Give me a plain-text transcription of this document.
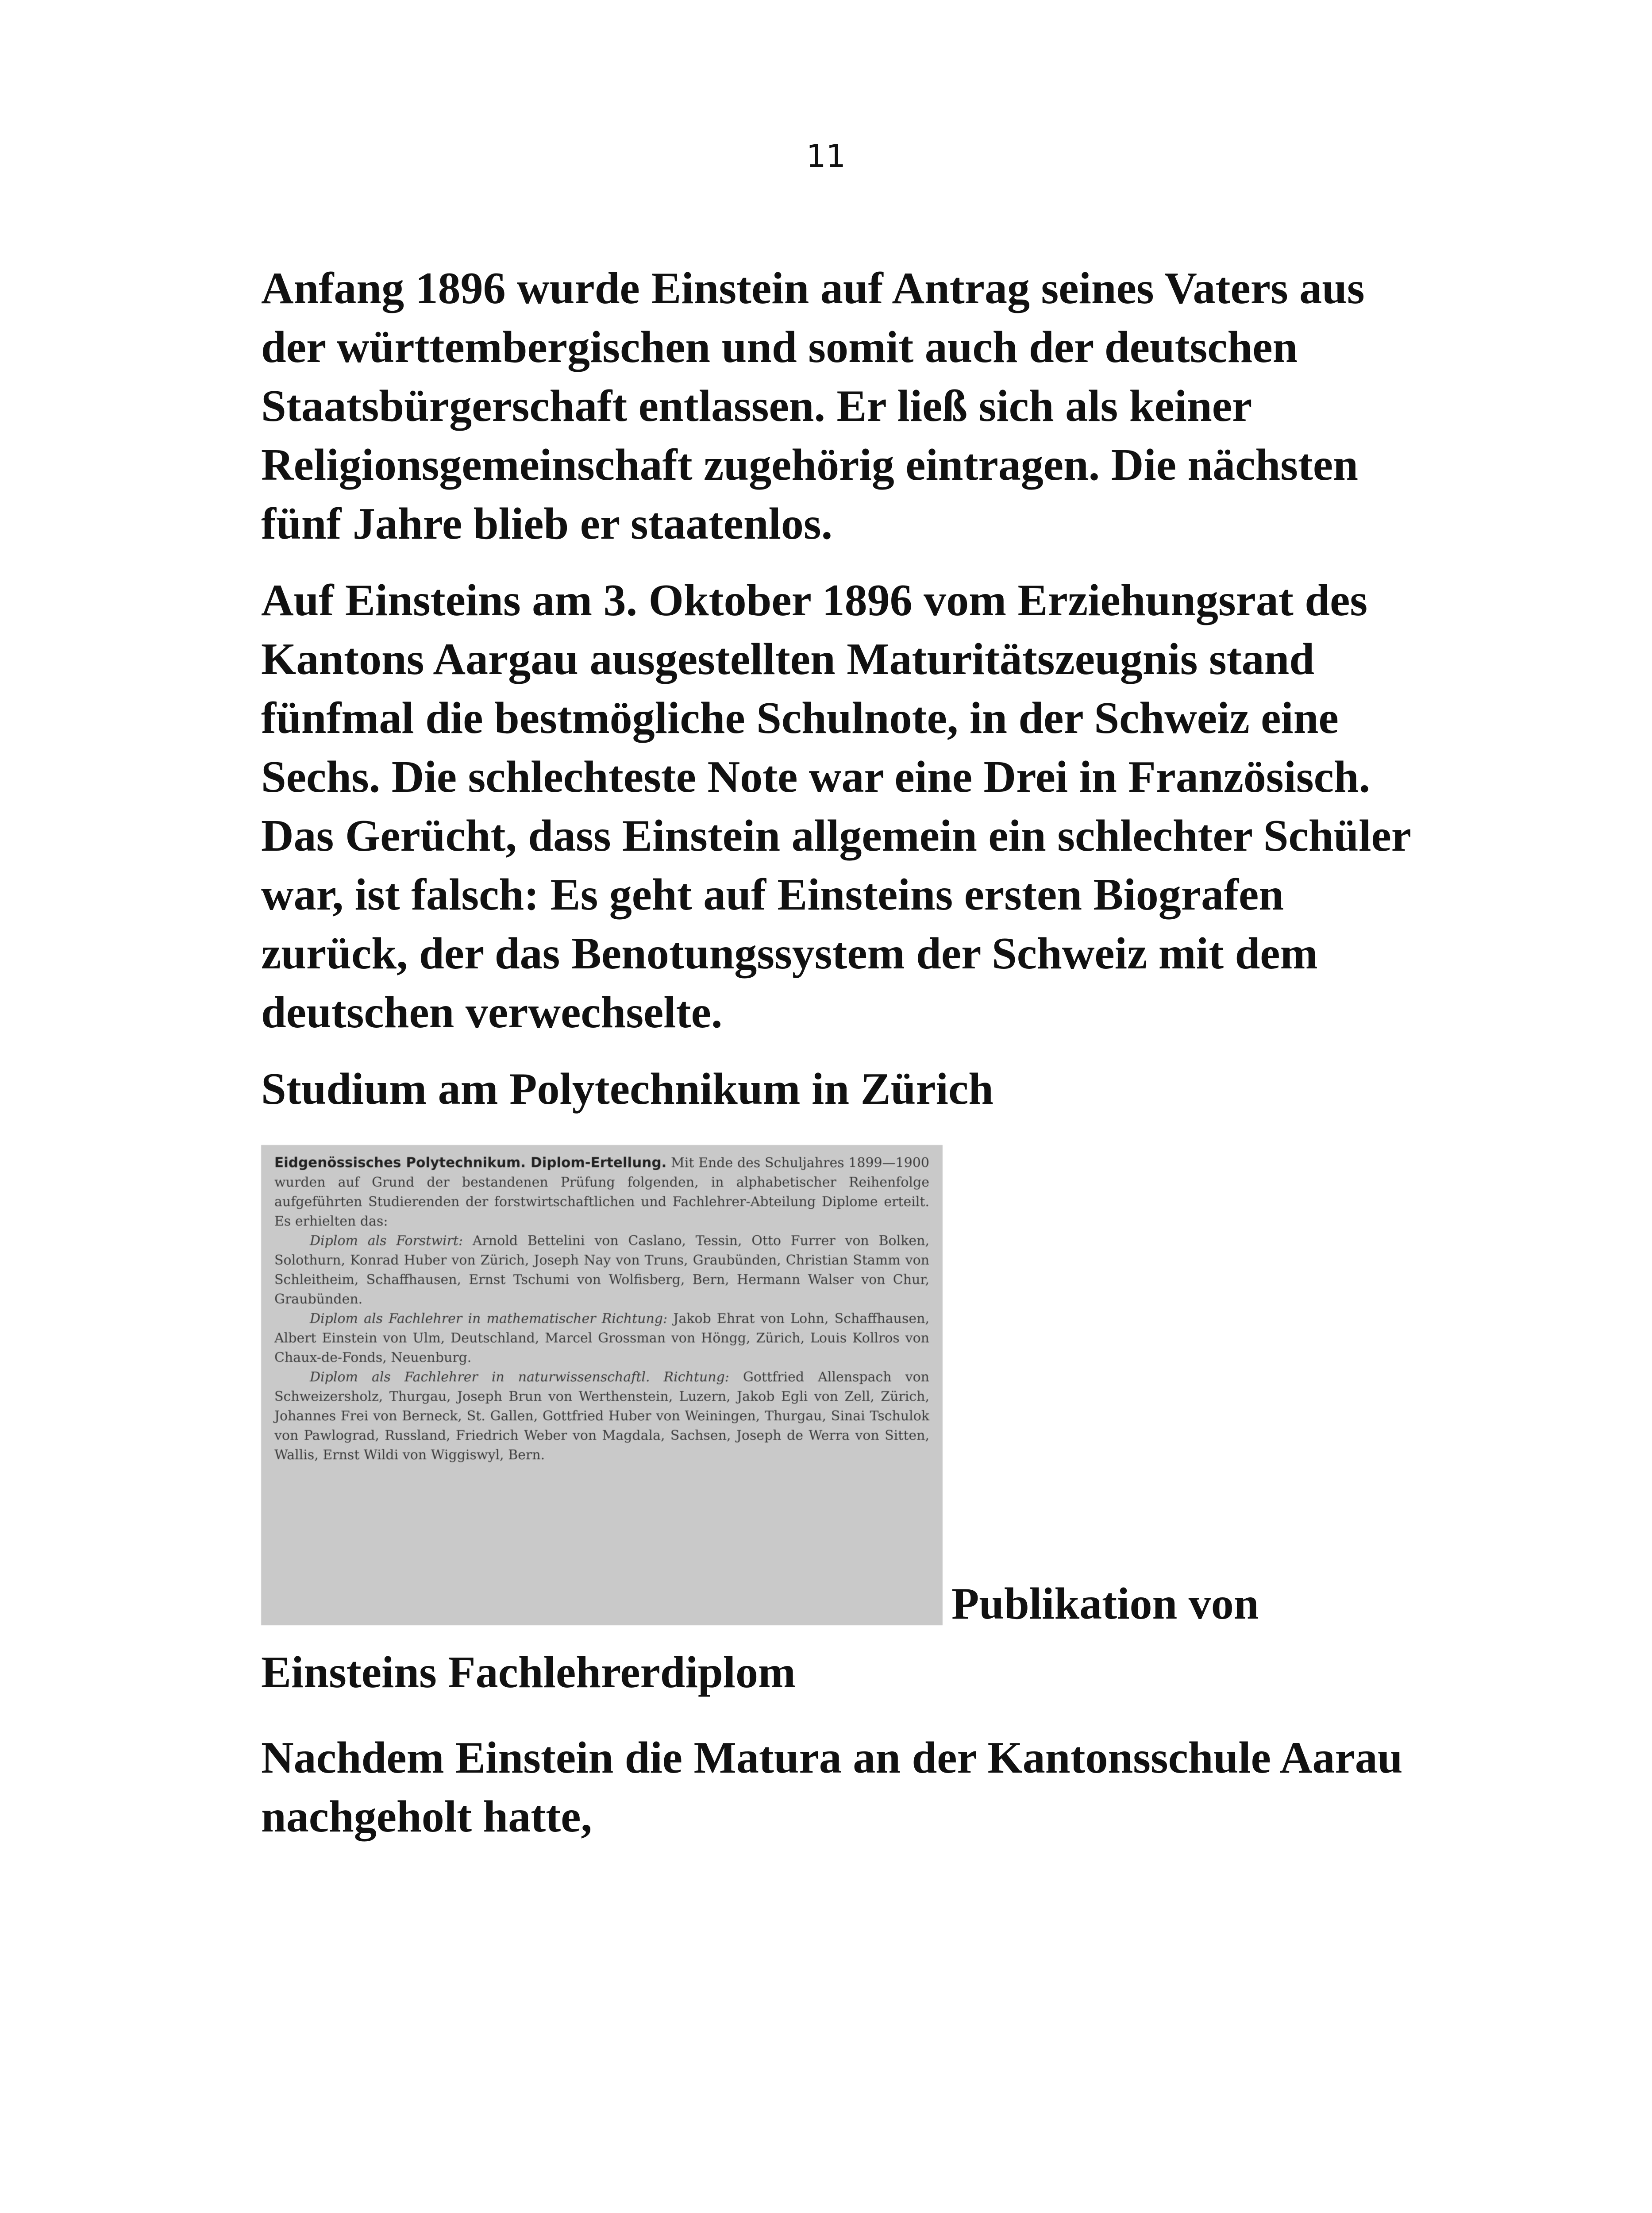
11

Anfang 1896 wurde Einstein auf Antrag seines Vaters aus der württembergischen und somit auch der deutschen Staatsbürgerschaft entlassen. Er ließ sich als keiner Religionsgemeinschaft zugehörig eintragen. Die nächsten fünf Jahre blieb er staatenlos.

Auf Einsteins am 3. Oktober 1896 vom Erziehungsrat des Kantons Aargau ausgestellten Maturitätszeugnis stand fünfmal die bestmögliche Schulnote, in der Schweiz eine Sechs. Die schlechteste Note war eine Drei in Französisch. Das Gerücht, dass Einstein allgemein ein schlechter Schüler war, ist falsch: Es geht auf Einsteins ersten Biografen zurück, der das Benotungssystem der Schweiz mit dem deutschen verwechselte.

Studium am Polytechnikum in Zürich

Eidgenössisches Polytechnikum. Diplom-Ertellung. Mit Ende des Schuljahres 1899—1900 wurden auf Grund der bestandenen Prüfung folgenden, in alphabetischer Reihenfolge aufgeführten Studierenden der forstwirtschaftlichen und Fachlehrer-Abteilung Diplome erteilt. Es erhielten das:

Diplom als Forstwirt: Arnold Bettelini von Caslano, Tessin, Otto Furrer von Bolken, Solothurn, Konrad Huber von Zürich, Joseph Nay von Truns, Graubünden, Christian Stamm von Schleitheim, Schaffhausen, Ernst Tschumi von Wolfisberg, Bern, Hermann Walser von Chur, Graubünden.

Diplom als Fachlehrer in mathematischer Richtung: Jakob Ehrat von Lohn, Schaffhausen, Albert Einstein von Ulm, Deutschland, Marcel Grossman von Höngg, Zürich, Louis Kollros von Chaux-de-Fonds, Neuenburg.

Diplom als Fachlehrer in naturwissenschaftl. Richtung: Gottfried Allenspach von Schweizersholz, Thurgau, Joseph Brun von Werthenstein, Luzern, Jakob Egli von Zell, Zürich, Johannes Frei von Berneck, St. Gallen, Gottfried Huber von Weiningen, Thurgau, Sinai Tschulok von Pawlograd, Russland, Friedrich Weber von Magdala, Sachsen, Joseph de Werra von Sitten, Wallis, Ernst Wildi von Wiggiswyl, Bern.

Publikation von

Einsteins Fachlehrerdiplom

Nachdem Einstein die Matura an der Kantonsschule Aarau nachgeholt hatte,
